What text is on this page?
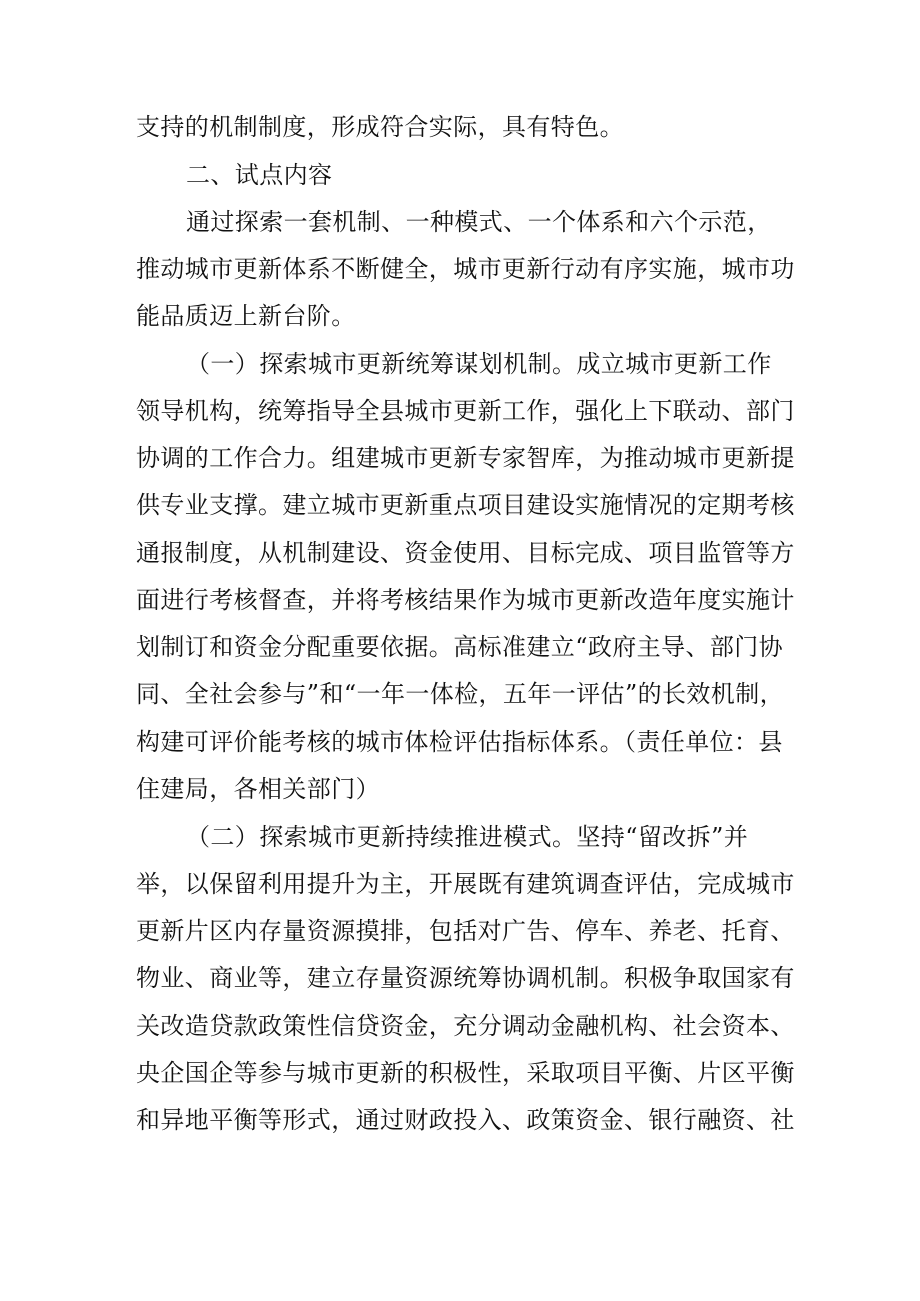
支持的机制制度，形成符合实际，具有特色。
二、试点内容
通过探索一套机制、一种模式、一个体系和六个示范，
推动城市更新体系不断健全，城市更新行动有序实施，城市功
能品质迈上新台阶。
（一）探索城市更新统筹谋划机制。成立城市更新工作
领导机构，统筹指导全县城市更新工作，强化上下联动、部门
协调的工作合力。组建城市更新专家智库，为推动城市更新提
供专业支撑。建立城市更新重点项目建设实施情况的定期考核
通报制度，从机制建设、资金使用、目标完成、项目监管等方
面进行考核督查，并将考核结果作为城市更新改造年度实施计
划制订和资金分配重要依据。高标准建立“政府主导、部门协
同、全社会参与”和“一年一体检，五年一评估”的长效机制，
构建可评价能考核的城市体检评估指标体系。（责任单位：县
住建局，各相关部门）
（二）探索城市更新持续推进模式。坚持“留改拆”并
举，以保留利用提升为主，开展既有建筑调查评估，完成城市
更新片区内存量资源摸排，包括对广告、停车、养老、托育、
物业、商业等，建立存量资源统筹协调机制。积极争取国家有
关改造贷款政策性信贷资金，充分调动金融机构、社会资本、
央企国企等参与城市更新的积极性，采取项目平衡、片区平衡
和异地平衡等形式，通过财政投入、政策资金、银行融资、社
